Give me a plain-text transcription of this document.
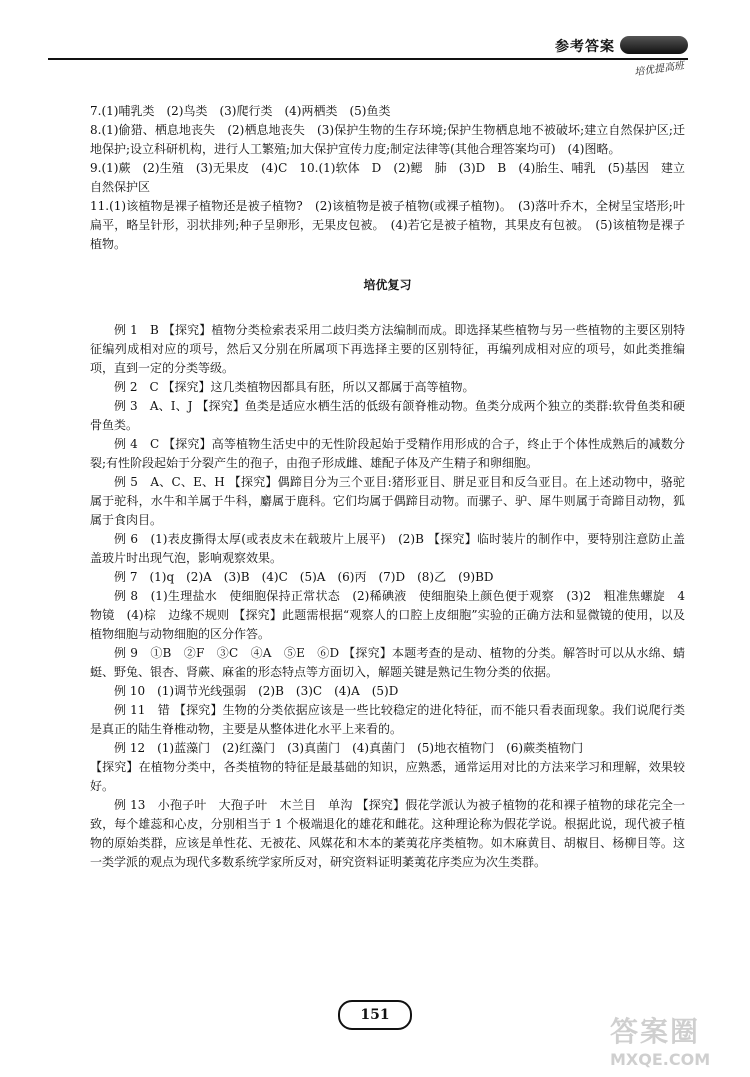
参考答案
培优提高班

7.(1)哺乳类　(2)鸟类　(3)爬行类　(4)两栖类　(5)鱼类

8.(1)偷猎、栖息地丧失　(2)栖息地丧失　(3)保护生物的生存环境;保护生物栖息地不被破坏;建立自然保护区;迁地保护;设立科研机构，进行人工繁殖;加大保护宣传力度;制定法律等(其他合理答案均可)　(4)图略。

9.(1)蕨　(2)生殖　(3)无果皮　(4)C　10.(1)软体　D　(2)鳃　肺　(3)D　B　(4)胎生、哺乳　(5)基因　建立自然保护区

11.(1)该植物是裸子植物还是被子植物?　(2)该植物是被子植物(或裸子植物)。　(3)落叶乔木，全树呈宝塔形;叶扁平，略呈针形，羽状排列;种子呈卵形，无果皮包被。　(4)若它是被子植物，其果皮有包被。　(5)该植物是裸子植物。

培优复习

例 1　B 【探究】植物分类检索表采用二歧归类方法编制而成。即选择某些植物与另一些植物的主要区别特征编列成相对应的项号，然后又分别在所属项下再选择主要的区别特征，再编列成相对应的项号，如此类推编项，直到一定的分类等级。

例 2　C 【探究】这几类植物因都具有胚，所以又都属于高等植物。

例 3　A、I、J 【探究】鱼类是适应水栖生活的低级有颌脊椎动物。鱼类分成两个独立的类群:软骨鱼类和硬骨鱼类。

例 4　C 【探究】高等植物生活史中的无性阶段起始于受精作用形成的合子，终止于个体性成熟后的减数分裂;有性阶段起始于分裂产生的孢子，由孢子形成雌、雄配子体及产生精子和卵细胞。

例 5　A、C、E、H 【探究】偶蹄目分为三个亚目:猪形亚目、胼足亚目和反刍亚目。在上述动物中，骆驼属于驼科，水牛和羊属于牛科，麝属于鹿科。它们均属于偶蹄目动物。而骡子、驴、犀牛则属于奇蹄目动物，狐属于食肉目。

例 6　(1)表皮撕得太厚(或表皮未在载玻片上展平)　(2)B 【探究】临时装片的制作中，要特别注意防止盖盖玻片时出现气泡，影响观察效果。

例 7　(1)q　(2)A　(3)B　(4)C　(5)A　(6)丙　(7)D　(8)乙　(9)BD

例 8　(1)生理盐水　使细胞保持正常状态　(2)稀碘液　使细胞染上颜色便于观察　(3)2　粗准焦螺旋　4　物镜　(4)棕　边缘不规则 【探究】此题需根据“观察人的口腔上皮细胞”实验的正确方法和显微镜的使用，以及植物细胞与动物细胞的区分作答。

例 9　①B　②F　③C　④A　⑤E　⑥D 【探究】本题考查的是动、植物的分类。解答时可以从水绵、蜻蜓、野兔、银杏、肾蕨、麻雀的形态特点等方面切入，解题关键是熟记生物分类的依据。

例 10　(1)调节光线强弱　(2)B　(3)C　(4)A　(5)D

例 11　错 【探究】生物的分类依据应该是一些比较稳定的进化特征，而不能只看表面现象。我们说爬行类是真正的陆生脊椎动物，主要是从整体进化水平上来看的。

例 12　(1)蓝藻门　(2)红藻门　(3)真菌门　(4)真菌门　(5)地衣植物门　(6)蕨类植物门

【探究】在植物分类中，各类植物的特征是最基础的知识，应熟悉，通常运用对比的方法来学习和理解，效果较好。

例 13　小孢子叶　大孢子叶　木兰目　单沟 【探究】假花学派认为被子植物的花和裸子植物的球花完全一致，每个雄蕊和心皮，分别相当于 1 个极端退化的雄花和雌花。这种理论称为假花学说。根据此说，现代被子植物的原始类群，应该是单性花、无被花、风媒花和木本的葇荑花序类植物。如木麻黄目、胡椒目、杨柳目等。这一类学派的观点为现代多数系统学家所反对，研究资料证明葇荑花序类应为次生类群。

151	答案圈
MXQE.COM
